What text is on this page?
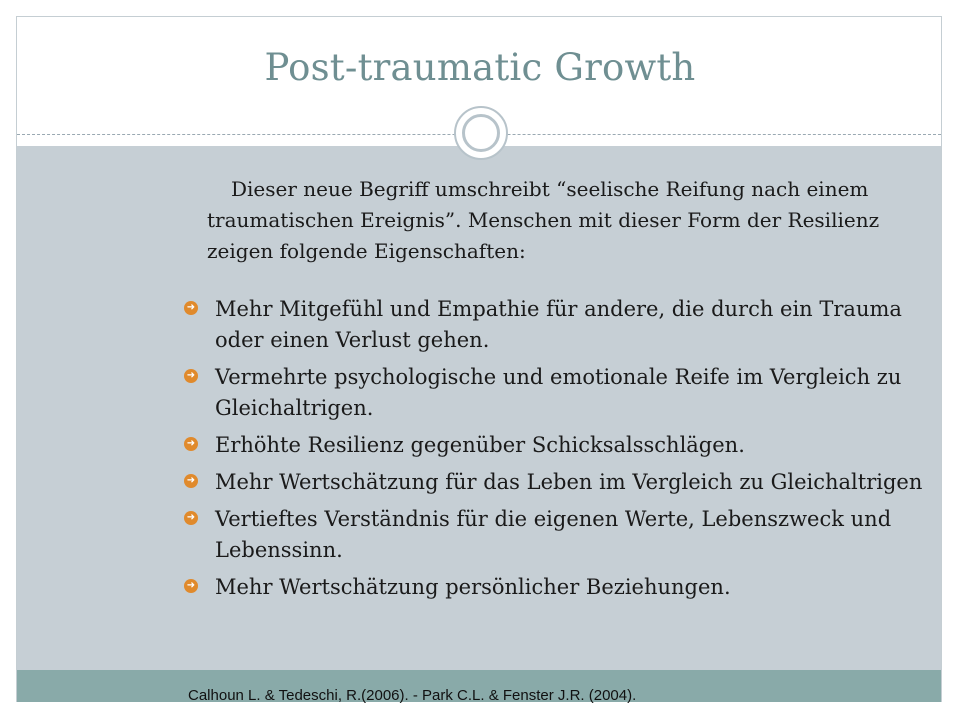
Post-traumatic Growth
Dieser neue Begriff umschreibt “seelische Reifung nach einem traumatischen Ereignis”. Menschen mit dieser Form der Resilienz zeigen folgende Eigenschaften:
➜ Mehr Mitgefühl und Empathie für andere, die durch ein Trauma oder einen Verlust gehen.
➜ Vermehrte psychologische und emotionale Reife im Vergleich zu Gleichaltrigen.
➜ Erhöhte Resilienz gegenüber Schicksalsschlägen.
➜ Mehr Wertschätzung für das Leben im Vergleich zu Gleichaltrigen
➜ Vertieftes Verständnis für die eigenen Werte, Lebenszweck und Lebenssinn.
➜ Mehr Wertschätzung persönlicher Beziehungen.
Calhoun L. & Tedeschi, R.(2006). - Park C.L. & Fenster J.R. (2004).
